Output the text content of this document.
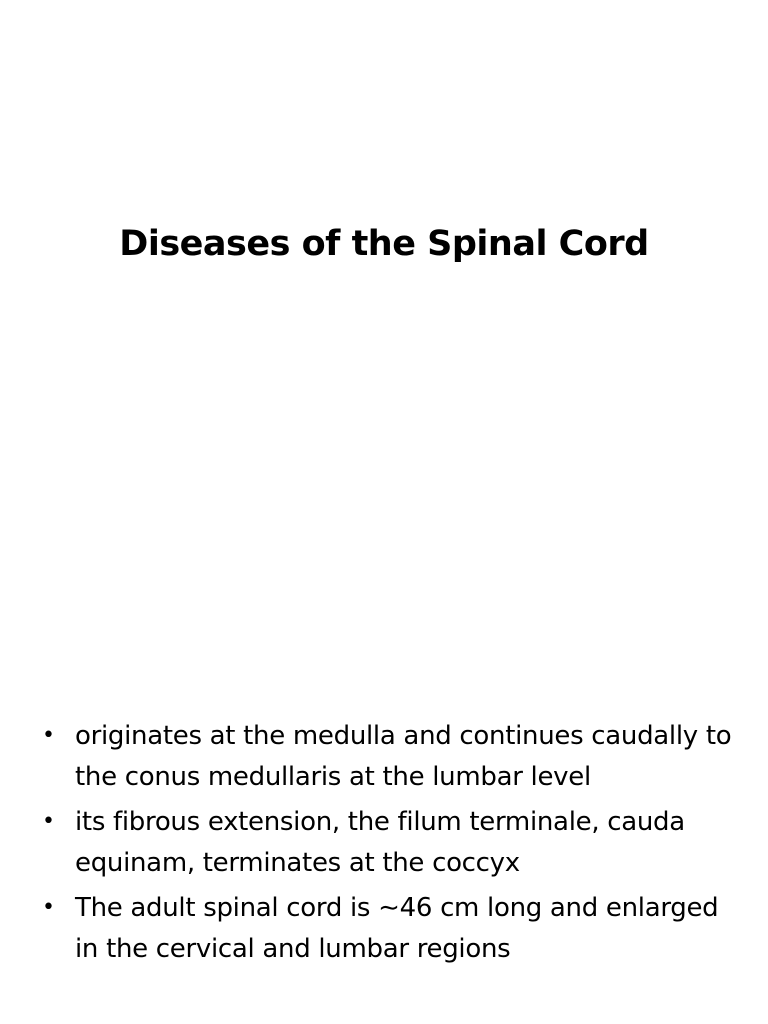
Diseases of the Spinal Cord
• originates at the medulla and continues caudally to the conus medullaris at the lumbar level
• its fibrous extension, the filum terminale, cauda equinam, terminates at the coccyx
• The adult spinal cord is ∼46 cm long and enlarged in the cervical and lumbar regions
